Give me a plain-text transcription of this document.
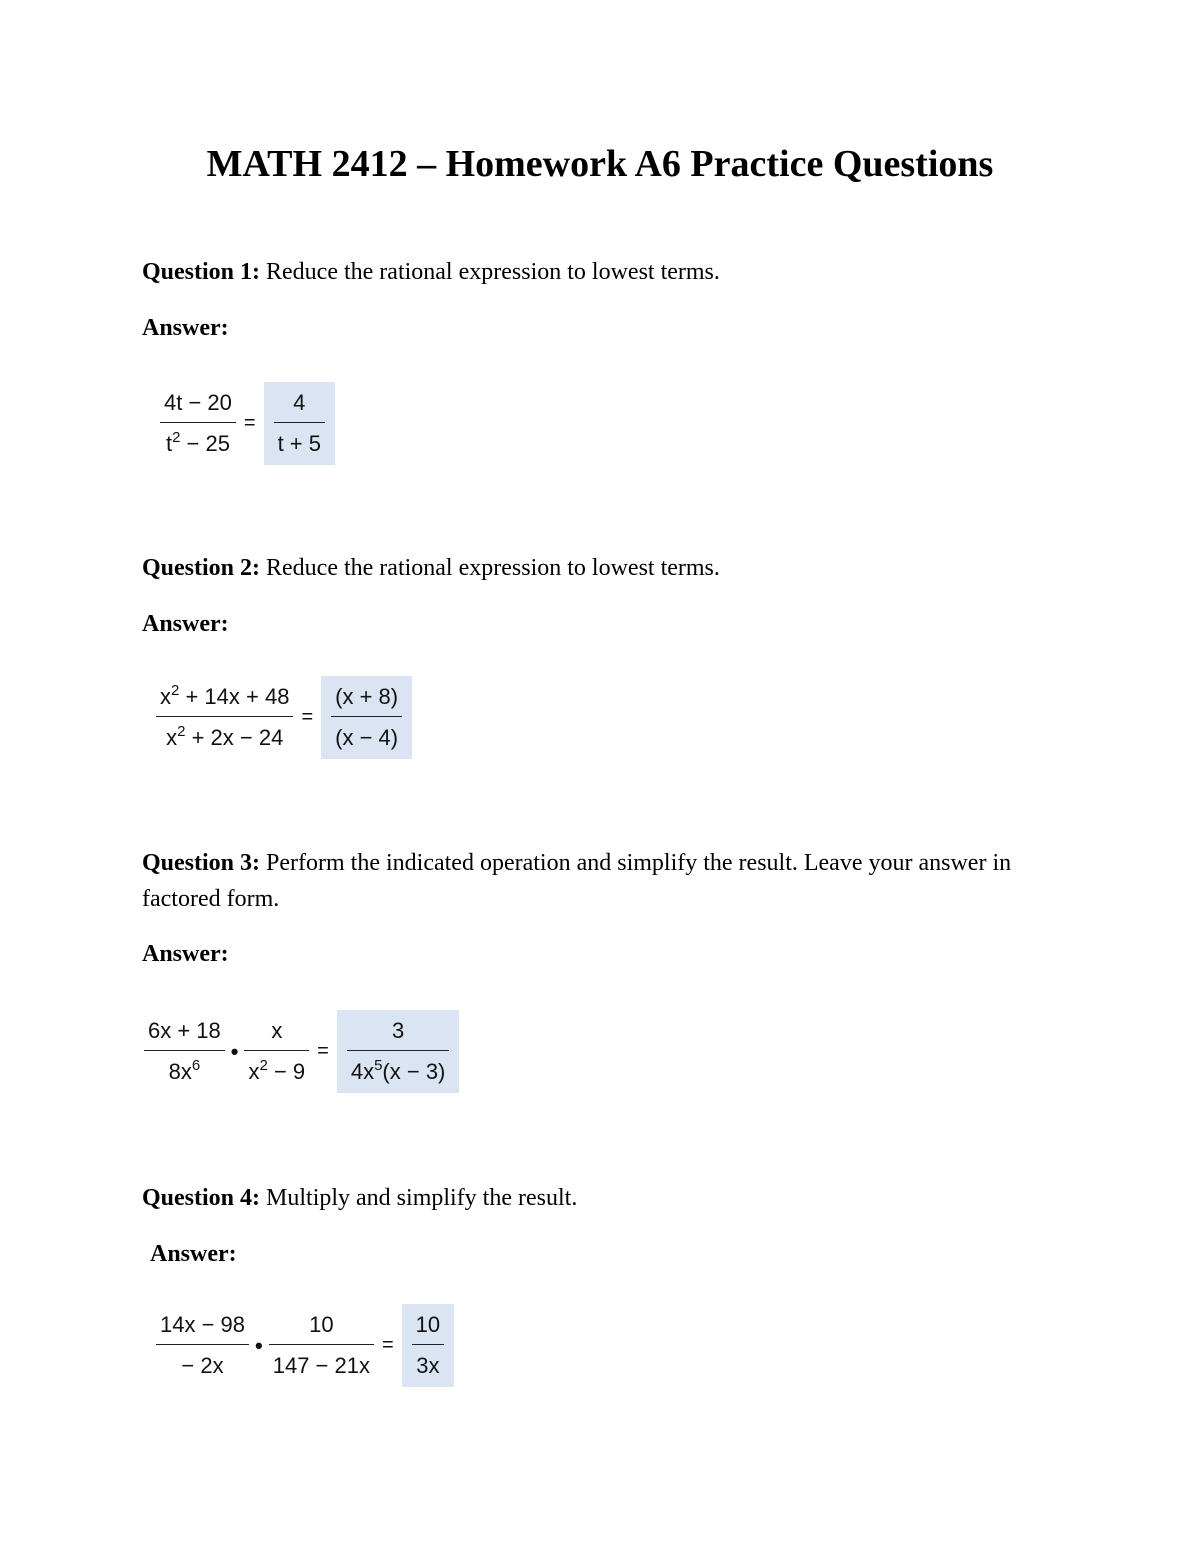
MATH 2412 – Homework A6 Practice Questions
Question 1: Reduce the rational expression to lowest terms.
Answer:
$\frac{4t - 20}{t^2 - 25} = \frac{4}{t + 5}$
Question 2: Reduce the rational expression to lowest terms.
Answer:
$\frac{x^2 + 14x + 48}{x^2 + 2x - 24} = \frac{(x + 8)}{(x - 4)}$
Question 3: Perform the indicated operation and simplify the result. Leave your answer in factored form.
Answer:
$\frac{6x + 18}{8x^6}$ • $\frac{x}{x^2 - 9} = \frac{3}{4x^5(x - 3)}$
Question 4: Multiply and simplify the result.
Answer:
$\frac{14x - 98}{- 2x}$ • $\frac{10}{147 - 21x} = \frac{10}{3x}$
